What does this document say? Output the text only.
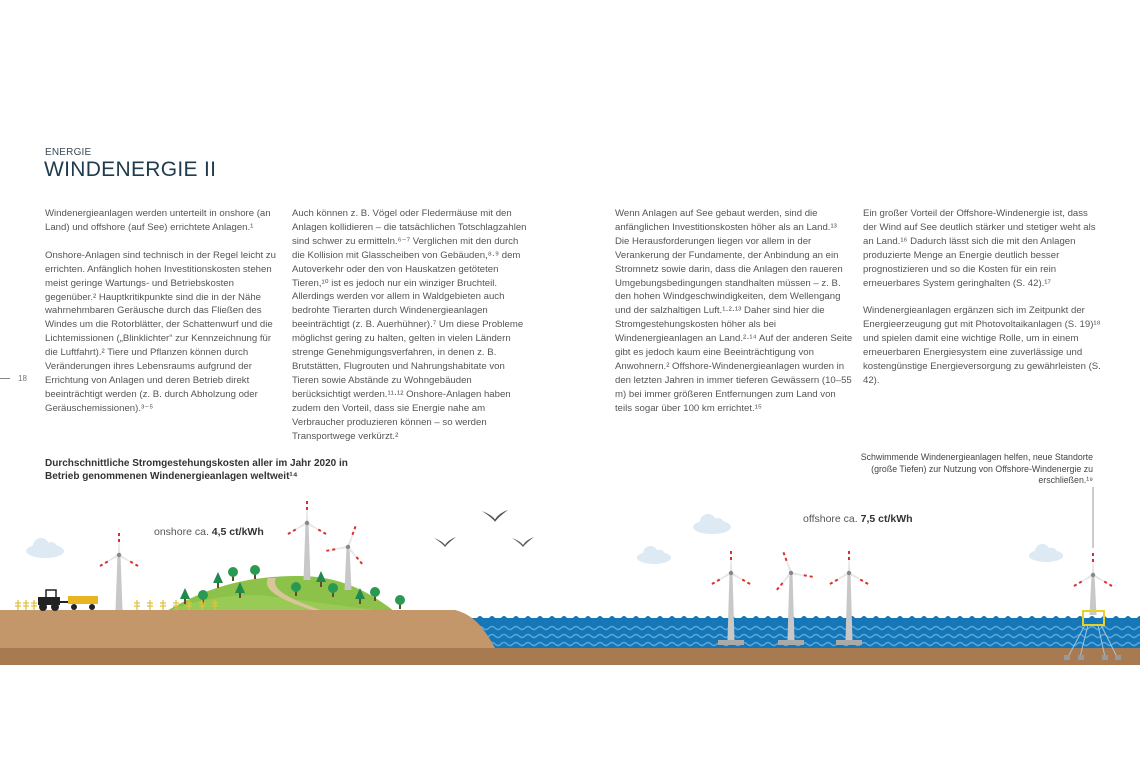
ENERGIE
WINDENERGIE II
18

Windenergieanlagen werden unterteilt in onshore (an Land) und offshore (auf See) errichtete Anlagen.¹

Onshore-Anlagen sind technisch in der Regel leicht zu errichten. Anfänglich hohen Investitionskosten stehen meist geringe Wartungs- und Betriebskosten gegenüber.² Hauptkritikpunkte sind die in der Nähe wahrnehmbaren Geräusche durch das Fließen des Windes um die Rotorblätter, der Schattenwurf und die Lichtemissionen („Blinklichter“ zur Kennzeichnung für die Luftfahrt).² Tiere und Pflanzen können durch Veränderungen ihres Lebensraums aufgrund der Errichtung von Anlagen und deren Betrieb direkt beeinträchtigt werden (z. B. durch Abholzung oder Geräuschemissionen).³⁻⁵

Auch können z. B. Vögel oder Fledermäuse mit den Anlagen kollidieren – die tatsächlichen Totschlagzahlen sind schwer zu ermitteln.⁶⁻⁷ Verglichen mit den durch die Kollision mit Glasscheiben von Gebäuden,⁸·⁹ dem Autoverkehr oder den von Hauskatzen getöteten Tieren,¹⁰ ist es jedoch nur ein winziger Bruchteil. Allerdings werden vor allem in Waldgebieten auch bedrohte Tierarten durch Windenergieanlagen beeinträchtigt (z. B. Auerhühner).⁷ Um diese Probleme möglichst gering zu halten, gelten in vielen Ländern strenge Genehmigungsverfahren, in denen z. B. Brutstätten, Flugrouten und Nahrungshabitate von Tieren sowie Abstände zu Wohngebäuden berücksichtigt werden.¹¹·¹² Onshore-Anlagen haben zudem den Vorteil, dass sie Energie nahe am Verbraucher produzieren können – so werden Transportwege verkürzt.²

Wenn Anlagen auf See gebaut werden, sind die anfänglichen Investitionskosten höher als an Land.¹³ Die Herausforderungen liegen vor allem in der Verankerung der Fundamente, der Anbindung an ein Stromnetz sowie darin, dass die Anlagen den raueren Umgebungsbedingungen standhalten müssen – z. B. den hohen Windgeschwindigkeiten, dem Wellengang und der salzhaltigen Luft.¹·²·¹³ Daher sind hier die Stromgestehungskosten höher als bei Windenergieanlagen an Land.²·¹⁴ Auf der anderen Seite gibt es jedoch kaum eine Beeinträchtigung von Anwohnern.² Offshore-Windenergieanlagen wurden in den letzten Jahren in immer tieferen Gewässern (10–55 m) bei immer größeren Entfernungen zum Land von teils sogar über 100 km errichtet.¹⁵

Ein großer Vorteil der Offshore-Windenergie ist, dass der Wind auf See deutlich stärker und stetiger weht als an Land.¹⁶ Dadurch lässt sich die mit den Anlagen produzierte Menge an Energie deutlich besser prognostizieren und so die Kosten für ein rein erneuerbares System geringhalten (S. 42).¹⁷

Windenergieanlagen ergänzen sich im Zeitpunkt der Energieerzeugung gut mit Photovoltaikanlagen (S. 19)¹⁸ und spielen damit eine wichtige Rolle, um in einem erneuerbaren Energiesystem eine zuverlässige und kostengünstige Energieversorgung zu gewährleisten (S. 42).

Durchschnittliche Stromgestehungskosten aller im Jahr 2020 in Betrieb genommenen Windenergieanlagen weltweit¹⁴
Schwimmende Windenergieanlagen helfen, neue Standorte (große Tiefen) zur Nutzung von Offshore-Windenergie zu erschließen.¹⁹
onshore ca. 4,5 ct/kWh
offshore ca. 7,5 ct/kWh
